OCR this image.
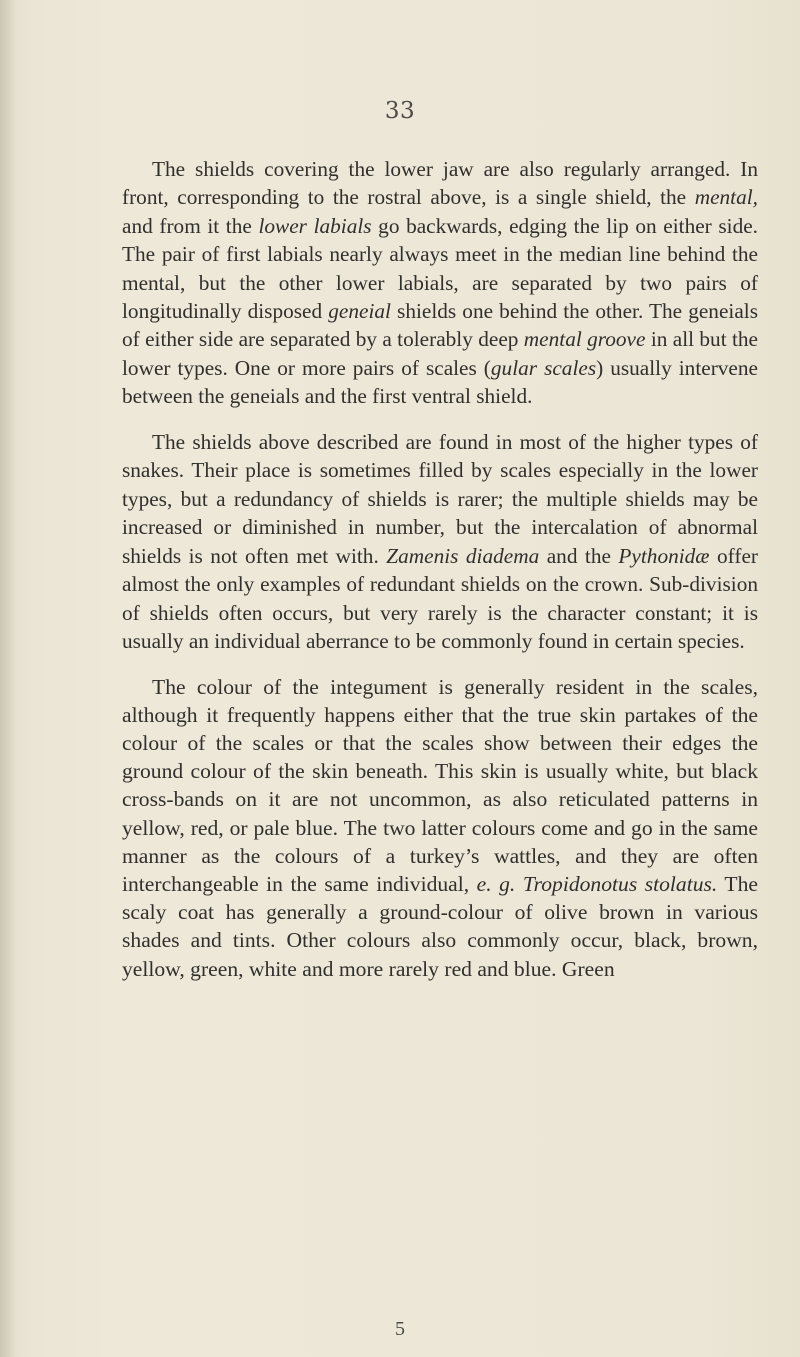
33

The shields covering the lower jaw are also regularly arranged. In front, corresponding to the rostral above, is a single shield, the mental, and from it the lower labials go backwards, edging the lip on either side. The pair of first labials nearly always meet in the median line behind the mental, but the other lower labials, are separated by two pairs of longitudinally disposed geneial shields one behind the other. The geneials of either side are separated by a tolerably deep mental groove in all but the lower types. One or more pairs of scales (gular scales) usually intervene between the geneials and the first ventral shield.

The shields above described are found in most of the higher types of snakes. Their place is sometimes filled by scales especially in the lower types, but a redundancy of shields is rarer; the multiple shields may be increased or diminished in number, but the intercalation of abnormal shields is not often met with. Zamenis diadema and the Pythonidæ offer almost the only examples of redundant shields on the crown. Sub-division of shields often occurs, but very rarely is the character constant; it is usually an individual aberrance to be commonly found in certain species.

The colour of the integument is generally resident in the scales, although it frequently happens either that the true skin partakes of the colour of the scales or that the scales show between their edges the ground colour of the skin beneath. This skin is usually white, but black cross-bands on it are not uncommon, as also reticulated patterns in yellow, red, or pale blue. The two latter colours come and go in the same manner as the colours of a turkey’s wattles, and they are often interchangeable in the same individual, e. g. Tropidonotus stolatus. The scaly coat has generally a ground-colour of olive brown in various shades and tints. Other colours also commonly occur, black, brown, yellow, green, white and more rarely red and blue. Green

5
